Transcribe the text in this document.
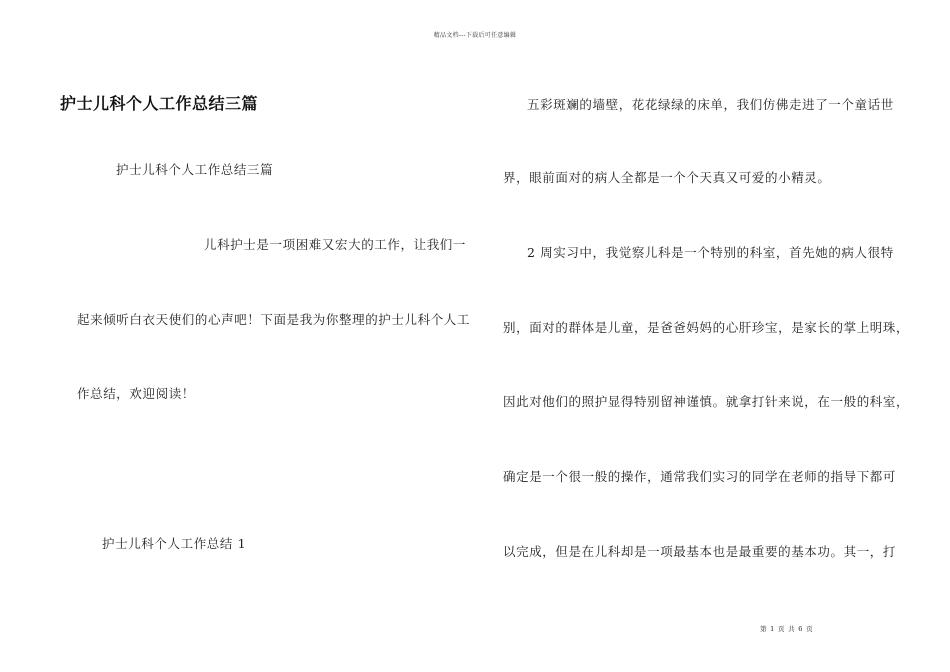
精品文档---下载后可任意编辑
护士儿科个人工作总结三篇
护士儿科个人工作总结三篇
儿科护士是一项困难又宏大的工作，让我们一
起来倾听白衣天使们的心声吧！下面是我为你整理的护士儿科个人工
作总结，欢迎阅读！
护士儿科个人工作总结 1
五彩斑斓的墙壁，花花绿绿的床单，我们仿佛走进了一个童话世
界，眼前面对的病人全都是一个个天真又可爱的小精灵。
2 周实习中，我觉察儿科是一个特别的科室，首先她的病人很特
别，面对的群体是儿童，是爸爸妈妈的心肝珍宝，是家长的掌上明珠，
因此对他们的照护显得特别留神谨慎。就拿打针来说，在一般的科室，
确定是一个很一般的操作，通常我们实习的同学在老师的指导下都可
以完成，但是在儿科却是一项最基本也是最重要的基本功。其一，打
第 1 页 共 6 页
